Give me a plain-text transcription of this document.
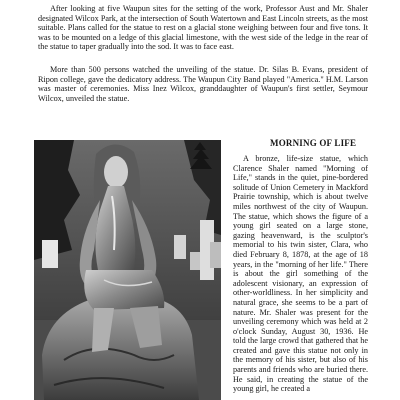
After looking at five Waupun sites for the setting of the work, Professor Aust and Mr. Shaler designated Wilcox Park, at the intersection of South Watertown and East Lincoln streets, as the most suitable. Plans called for the statue to rest on a glacial stone weighing between four and five tons. It was to be mounted on a ledge of this glacial limestone, with the west side of the ledge in the rear of the statue to taper gradually into the sod. It was to face east.

More than 500 persons watched the unveiling of the statue. Dr. Silas B. Evans, president of Ripon college, gave the dedicatory address. The Waupun City Band played "America." H.M. Larson was master of ceremonies. Miss Inez Wilcox, granddaughter of Waupun's first settler, Seymour Wilcox, unveiled the statue.

MORNING OF LIFE

A bronze, life-size statue, which Clarence Shaler named "Morning of Life," stands in the quiet, pine-bordered solitude of Union Cemetery in Mackford Prairie township, which is about twelve miles northwest of the city of Waupun. The statue, which shows the figure of a young girl seated on a large stone, gazing heavenward, is the sculptor's memorial to his twin sister, Clara, who died February 8, 1878, at the age of 18 years, in the "morning of her life." There is about the girl something of the adolescent visionary, an expression of other-worldliness. In her simplicity and natural grace, she seems to be a part of nature. Mr. Shaler was present for the unveiling ceremony which was held at 2 o'clock Sunday, August 30, 1936. He told the large crowd that gathered that he created and gave this statue not only in the memory of his sister, but also of his parents and friends who are buried there. He said, in creating the statue of the young girl, he created a
